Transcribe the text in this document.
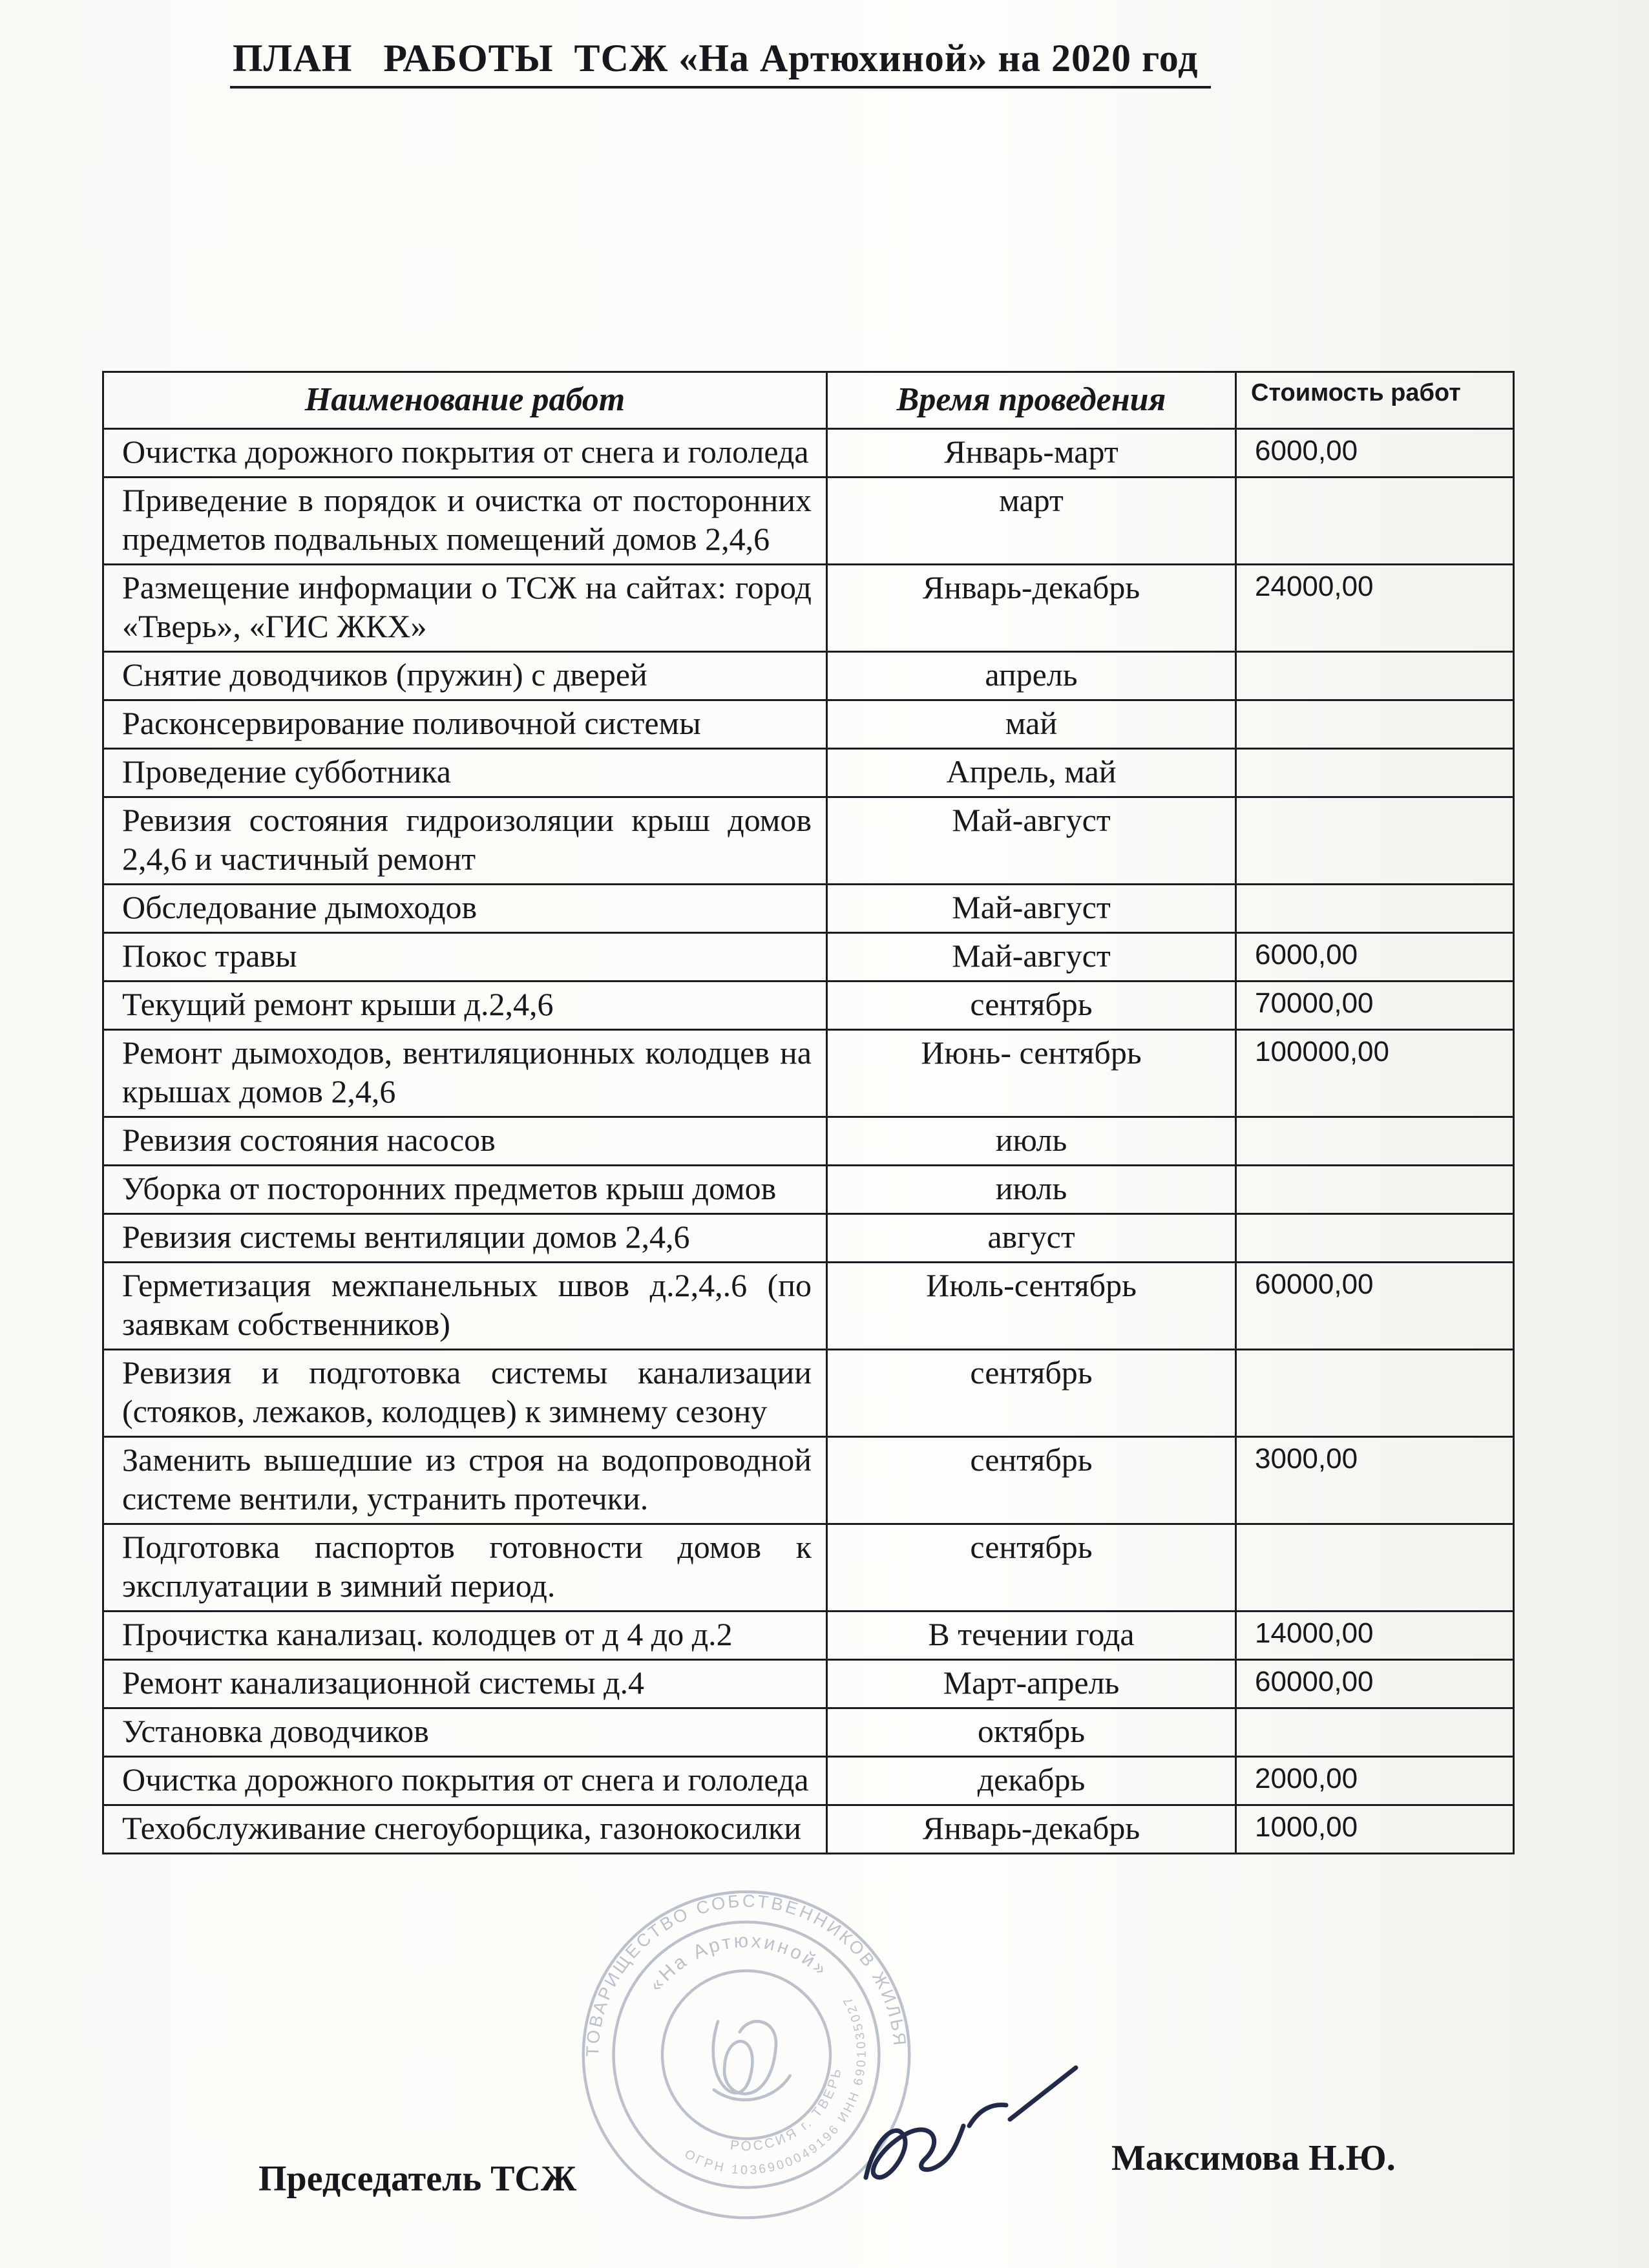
ПЛАН   РАБОТЫ  ТСЖ «На Артюхиной» на 2020 год
Наименование работ	Время проведения	Стоимость работ
Очистка дорожного покрытия от снега и гололеда	Январь-март	6000,00
Приведение в порядок и очистка от посторонних предметов подвальных помещений домов 2,4,6	март	
Размещение информации о ТСЖ на сайтах: город «Тверь», «ГИС ЖКХ»	Январь-декабрь	24000,00
Снятие доводчиков (пружин) с дверей	апрель	
Расконсервирование поливочной системы	май	
Проведение субботника	Апрель, май	
Ревизия состояния гидроизоляции крыш домов 2,4,6 и частичный ремонт	Май-август	
Обследование дымоходов	Май-август	
Покос травы	Май-август	6000,00
Текущий ремонт крыши д.2,4,6	сентябрь	70000,00
Ремонт дымоходов, вентиляционных колодцев на крышах домов 2,4,6	Июнь- сентябрь	100000,00
Ревизия состояния насосов	июль	
Уборка от посторонних предметов крыш домов	июль	
Ревизия системы вентиляции домов 2,4,6	август	
Герметизация межпанельных швов д.2,4,.6 (по заявкам собственников)	Июль-сентябрь	60000,00
Ревизия и подготовка системы канализации (стояков, лежаков, колодцев) к зимнему сезону	сентябрь	
Заменить вышедшие из строя на водопроводной системе вентили, устранить протечки.	сентябрь	3000,00
Подготовка паспортов готовности домов к эксплуатации в зимний период.	сентябрь	
Прочистка канализац. колодцев от д 4 до д.2	В течении года	14000,00
Ремонт канализационной системы д.4	Март-апрель	60000,00
Установка доводчиков	октябрь	
Очистка дорожного покрытия от снега и гололеда	декабрь	2000,00
Техобслуживание снегоуборщика, газонокосилки	Январь-декабрь	1000,00
ТОВАРИЩЕСТВО СОБСТВЕННИКОВ ЖИЛЬЯ
«На Артюхиной»
ОГРН 1036900049196 ИНН 6901035027
РОССИЯ г. ТВЕРЬ
Председатель ТСЖ
Максимова Н.Ю.
